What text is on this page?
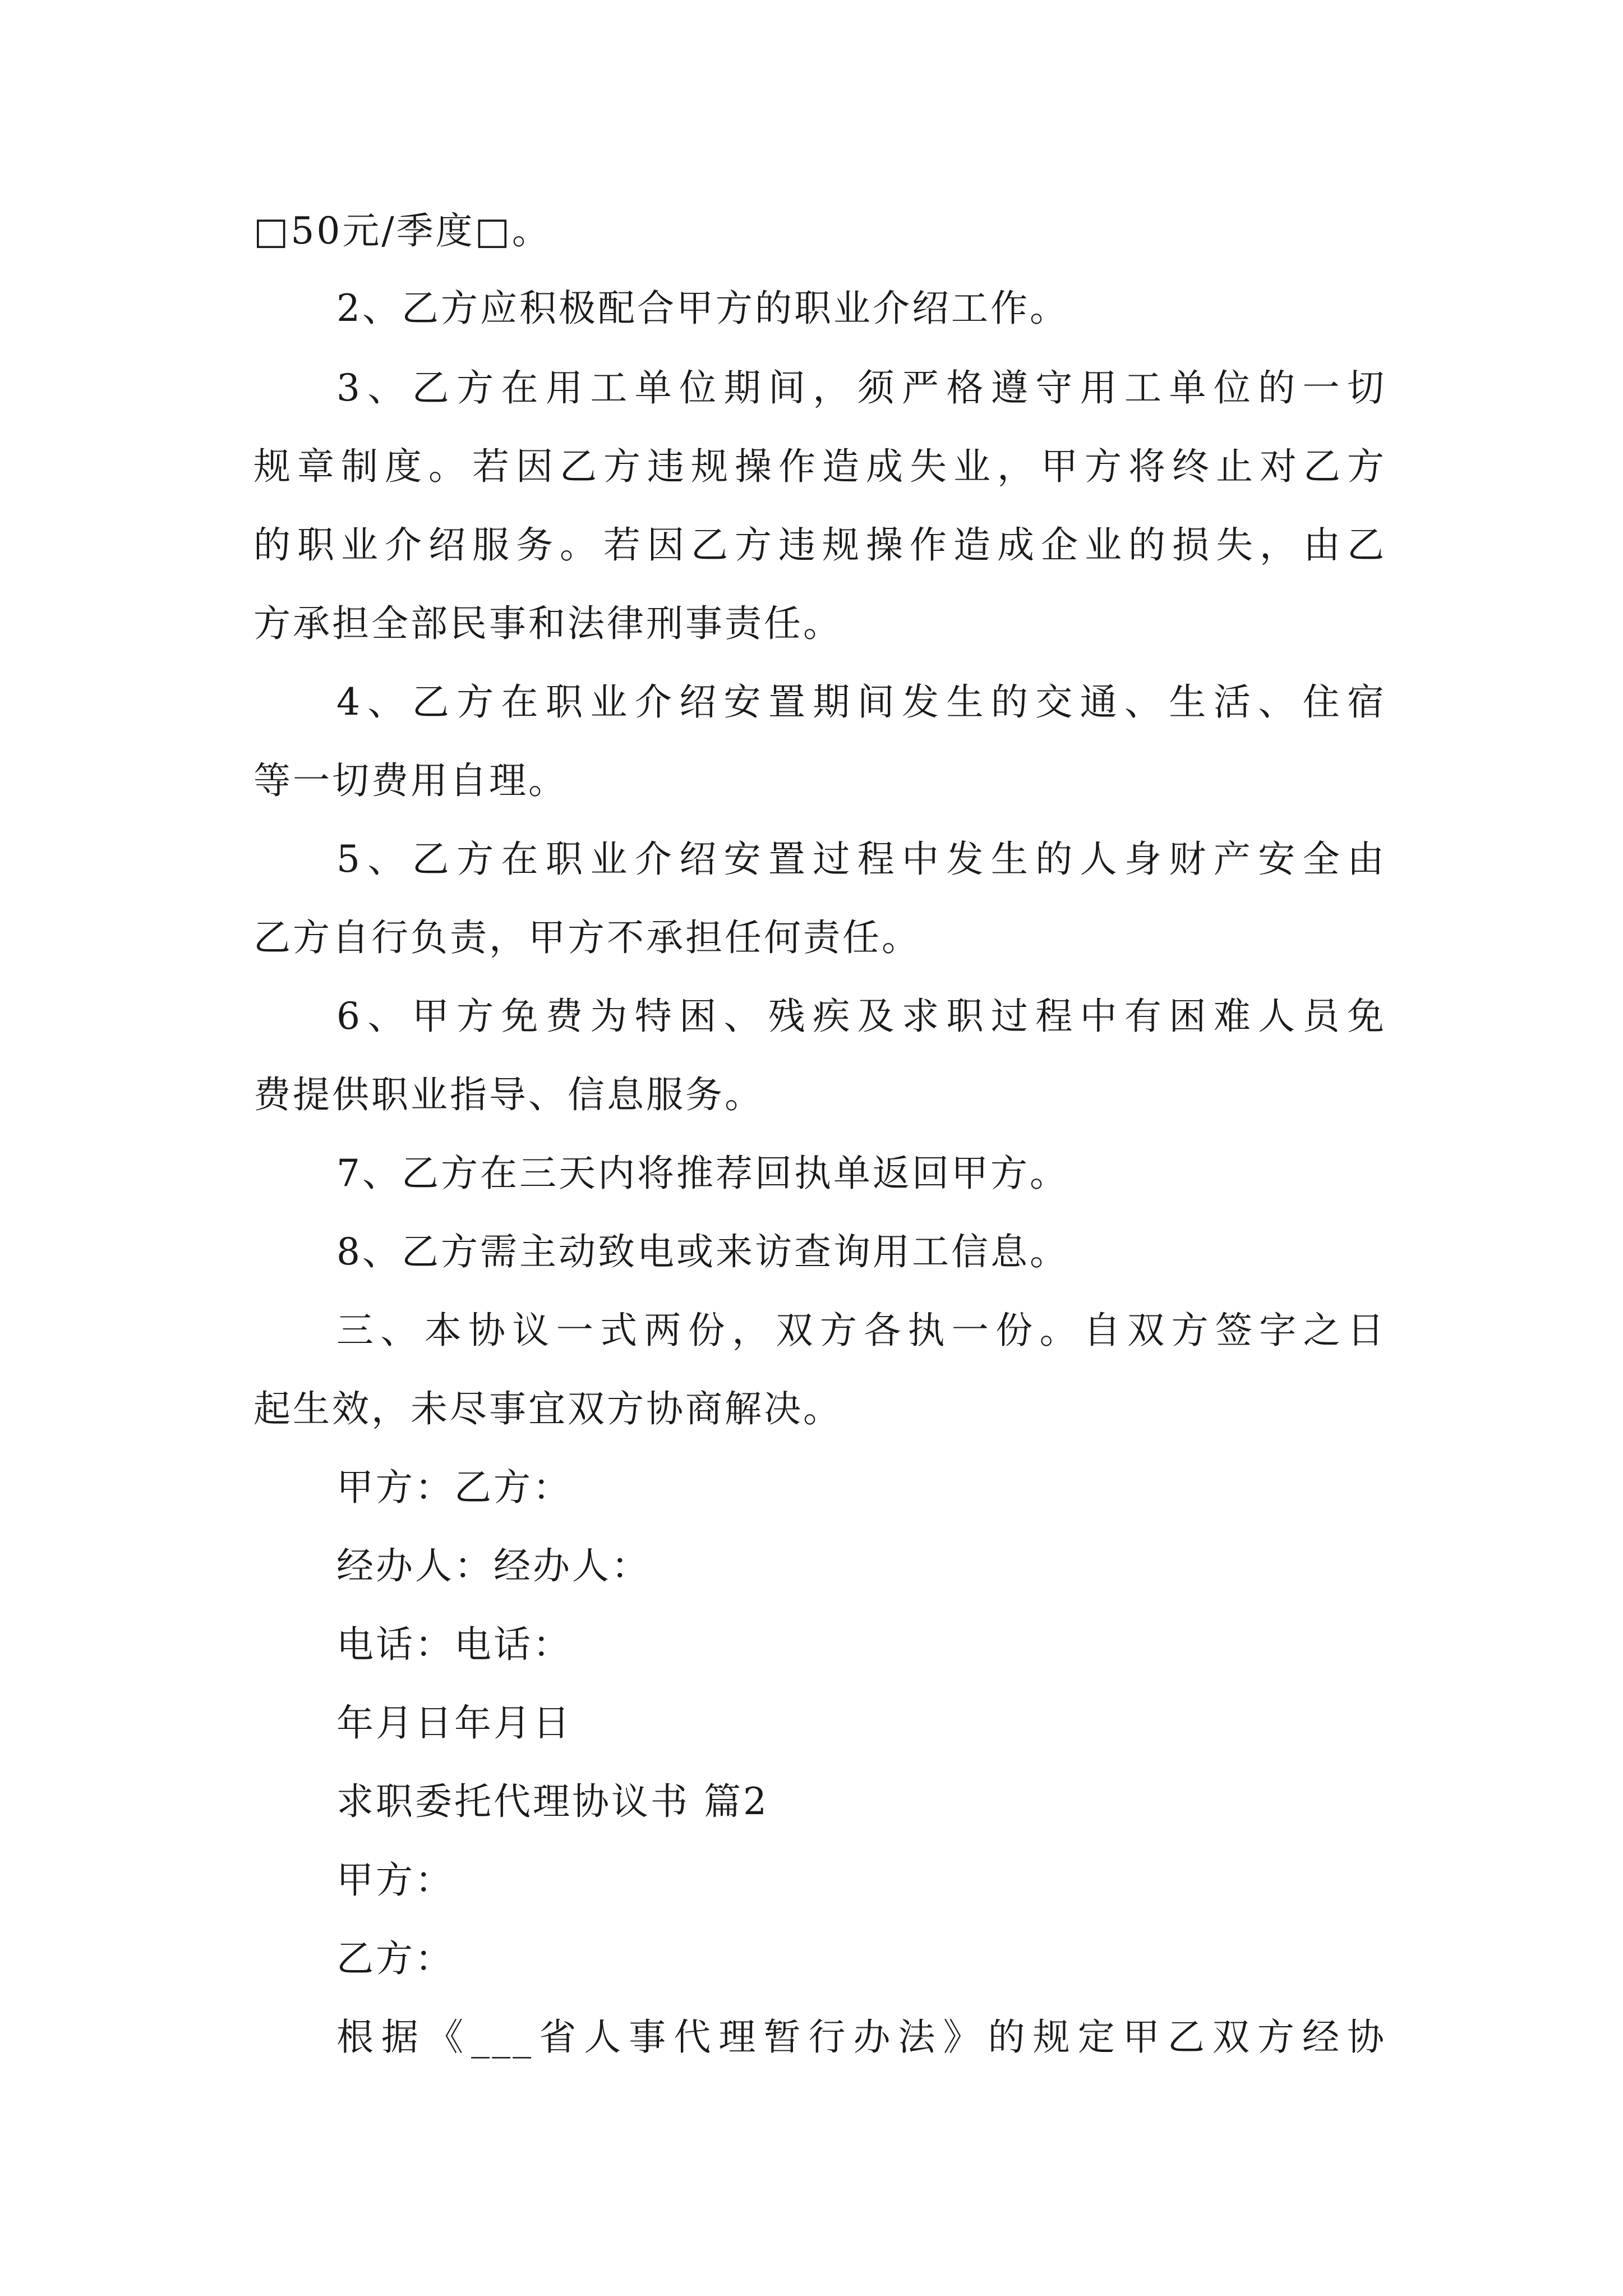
□50元/季度□。
2、乙方应积极配合甲方的职业介绍工作。
3、乙方在用工单位期间，须严格遵守用工单位的一切
规章制度。若因乙方违规操作造成失业，甲方将终止对乙方
的职业介绍服务。若因乙方违规操作造成企业的损失，由乙
方承担全部民事和法律刑事责任。
4、乙方在职业介绍安置期间发生的交通、生活、住宿
等一切费用自理。
5、乙方在职业介绍安置过程中发生的人身财产安全由
乙方自行负责，甲方不承担任何责任。
6、甲方免费为特困、残疾及求职过程中有困难人员免
费提供职业指导、信息服务。
7、乙方在三天内将推荐回执单返回甲方。
8、乙方需主动致电或来访查询用工信息。
三、本协议一式两份，双方各执一份。自双方签字之日
起生效，未尽事宜双方协商解决。
甲方：乙方：
经办人：经办人：
电话：电话：
年月日年月日
求职委托代理协议书 篇2
甲方：
乙方：
根据《___省人事代理暂行办法》的规定甲乙双方经协
